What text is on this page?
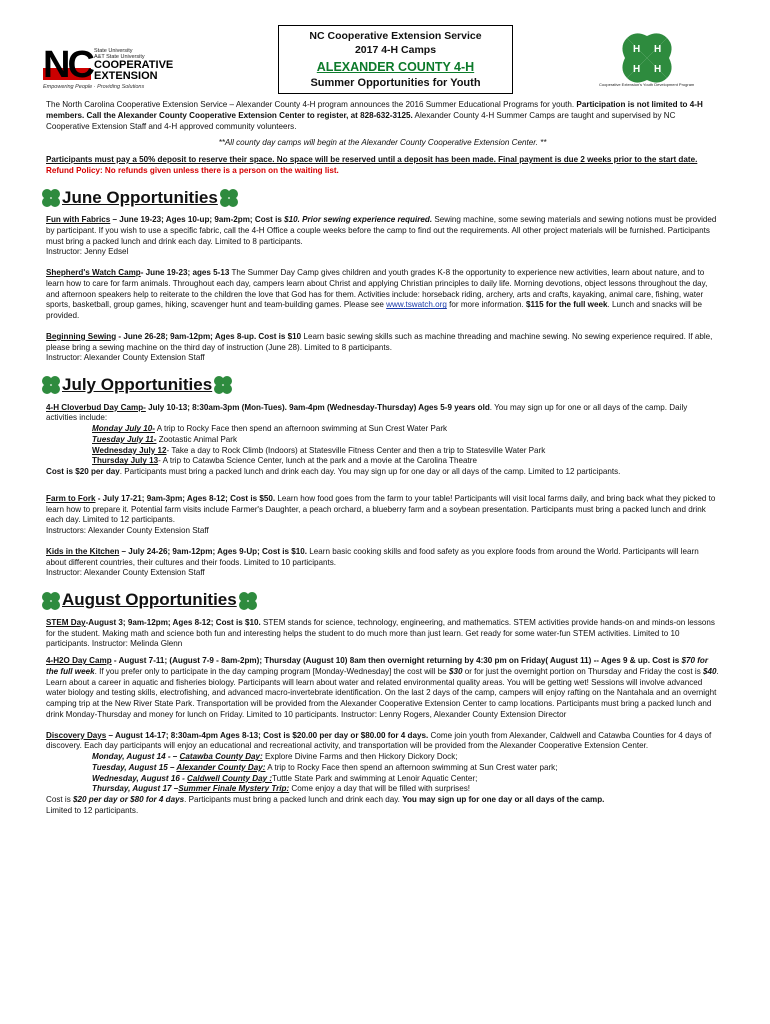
NC State University
A&T State University
COOPERATIVE
EXTENSION
Empowering People · Providing Solutions
NC Cooperative Extension Service
2017 4-H Camps
ALEXANDER COUNTY 4-H
Summer Opportunities for Youth
H H
H H
Cooperative Extension's Youth Development Program

The North Carolina Cooperative Extension Service – Alexander County 4-H program announces the 2016 Summer Educational Programs for youth. Participation is not limited to 4-H members. Call the Alexander County Cooperative Extension Center to register, at 828-632-3125. Alexander County 4-H Summer Camps are taught and supervised by NC Cooperative Extension Staff and 4-H approved community volunteers.

**All county day camps will begin at the Alexander County Cooperative Extension Center. **

Participants must pay a 50% deposit to reserve their space. No space will be reserved until a deposit has been made. Final payment is due 2 weeks prior to the start date. Refund Policy: No refunds given unless there is a person on the waiting list.

June Opportunities

Fun with Fabrics – June 19-23; Ages 10-up; 9am-2pm; Cost is $10. Prior sewing experience required. Sewing machine, some sewing materials and sewing notions must be provided by participant. If you wish to use a specific fabric, call the 4-H Office a couple weeks before the camp to find out the requirements. All other project materials will be furnished. Participants must bring a packed lunch and drink each day. Limited to 8 participants.

Instructor: Jenny Edsel

Shepherd's Watch Camp- June 19-23; ages 5-13 The Summer Day Camp gives children and youth grades K-8 the opportunity to experience new activities, learn about nature, and to learn how to care for farm animals. Throughout each day, campers learn about Christ and applying Christian principles to daily life. Morning devotions, object lessons throughout the day, and afternoon speakers help to reiterate to the children the love that God has for them. Activities include: horseback riding, archery, arts and crafts, kayaking, animal care, fishing, water sports, basketball, group games, hiking, scavenger hunt and team-building games. Please see www.tswatch.org for more information. $115 for the full week. Lunch and snacks will be provided.

Beginning Sewing - June 26-28; 9am-12pm; Ages 8-up. Cost is $10 Learn basic sewing skills such as machine threading and machine sewing. No sewing experience required. If able, please bring a sewing machine on the third day of instruction (June 28). Limited to 8 participants.

Instructor: Alexander County Extension Staff

July Opportunities

4-H Cloverbud Day Camp- July 10-13; 8:30am-3pm (Mon-Tues). 9am-4pm (Wednesday-Thursday) Ages 5-9 years old. You may sign up for one or all days of the camp. Daily activities include:

Monday July 10- A trip to Rocky Face then spend an afternoon swimming at Sun Crest Water Park

Tuesday July 11- Zootastic Animal Park

Wednesday July 12- Take a day to Rock Climb (Indoors) at Statesville Fitness Center and then a trip to Statesville Water Park

Thursday July 13- A trip to Catawba Science Center, lunch at the park and a movie at the Carolina Theatre

Cost is $20 per day. Participants must bring a packed lunch and drink each day. You may sign up for one day or all days of the camp. Limited to 12 participants.

Farm to Fork - July 17-21; 9am-3pm; Ages 8-12; Cost is $50. Learn how food goes from the farm to your table! Participants will visit local farms daily, and bring back what they picked to learn how to prepare it. Potential farm visits include Farmer's Daughter, a peach orchard, a blueberry farm and a soybean presentation. Participants must bring a packed lunch and drink each day. Limited to 12 participants.

Instructors: Alexander County Extension Staff

Kids in the Kitchen – July 24-26; 9am-12pm; Ages 9-Up; Cost is $10. Learn basic cooking skills and food safety as you explore foods from around the World. Participants will learn about different countries, their cultures and their foods. Limited to 10 participants.

Instructor: Alexander County Extension Staff

August Opportunities

STEM Day-August 3; 9am-12pm; Ages 8-12; Cost is $10. STEM stands for science, technology, engineering, and mathematics. STEM activities provide hands-on and minds-on lessons for the student. Making math and science both fun and interesting helps the student to do much more than just learn. Get ready for some water-fun STEM activities. Limited to 10 participants. Instructor: Melinda Glenn

4-H2O Day Camp - August 7-11; (August 7-9 - 8am-2pm); Thursday (August 10) 8am then overnight returning by 4:30 pm on Friday( August 11) -- Ages 9 & up. Cost is $70 for the full week. If you prefer only to participate in the day camping program [Monday-Wednesday] the cost will be $30 or for just the overnight portion on Thursday and Friday the cost is $40. Learn about a career in aquatic and fisheries biology. Participants will learn about water and related environmental quality areas. You will be getting wet! Sessions will involve advanced water biology and testing skills, electrofishing, and advanced macro-invertebrate identification. On the last 2 days of the camp, campers will enjoy rafting on the Nantahala and an overnight camping trip at the New River State Park. Transportation will be provided from the Alexander Cooperative Extension Center to camp locations. Participants must bring a packed lunch and drink Monday-Thursday and money for lunch on Friday. Limited to 10 participants. Instructor: Lenny Rogers, Alexander County Extension Director

Discovery Days – August 14-17; 8:30am-4pm Ages 8-13; Cost is $20.00 per day or $80.00 for 4 days. Come join youth from Alexander, Caldwell and Catawba Counties for 4 days of discovery. Each day participants will enjoy an educational and recreational activity, and transportation will be provided from the Alexander Cooperative Extension Center.

Monday, August 14 - – Catawba County Day: Explore Divine Farms and then Hickory Dickory Dock;

Tuesday, August 15 – Alexander County Day: A trip to Rocky Face then spend an afternoon swimming at Sun Crest water park;

Wednesday, August 16 - Caldwell County Day :Tuttle State Park and swimming at Lenoir Aquatic Center;

Thursday, August 17 –Summer Finale Mystery Trip: Come enjoy a day that will be filled with surprises!

Cost is $20 per day or $80 for 4 days. Participants must bring a packed lunch and drink each day. You may sign up for one day or all days of the camp.

Limited to 12 participants.
